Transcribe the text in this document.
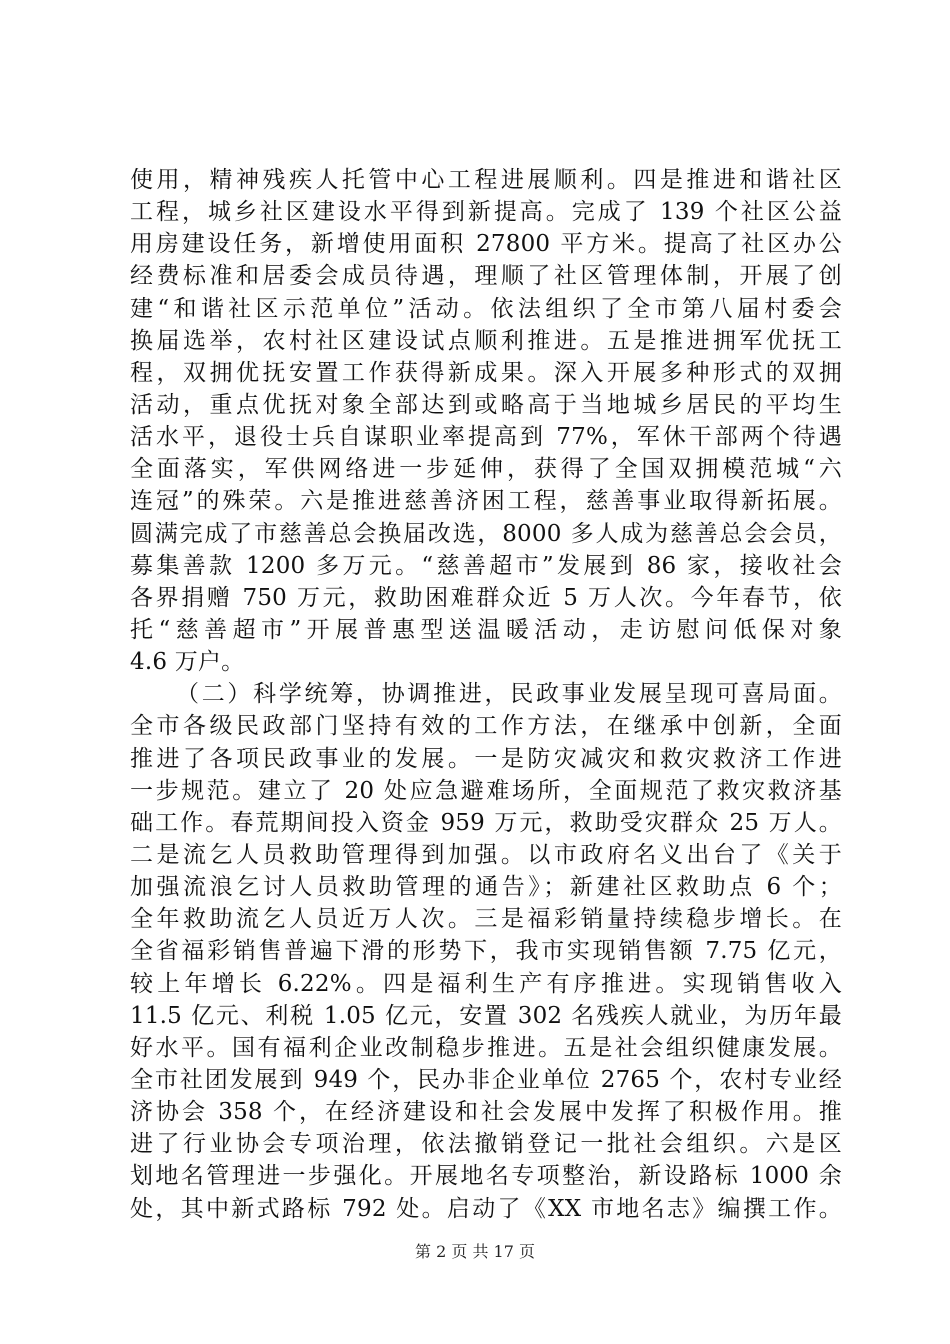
使用，精神残疾人托管中心工程进展顺利。四是推进和谐社区
工程，城乡社区建设水平得到新提高。完成了 139 个社区公益
用房建设任务，新增使用面积 27800 平方米。提高了社区办公
经费标准和居委会成员待遇，理顺了社区管理体制，开展了创
建“和谐社区示范单位”活动。依法组织了全市第八届村委会
换届选举，农村社区建设试点顺利推进。五是推进拥军优抚工
程，双拥优抚安置工作获得新成果。深入开展多种形式的双拥
活动，重点优抚对象全部达到或略高于当地城乡居民的平均生
活水平，退役士兵自谋职业率提高到 77%，军休干部两个待遇
全面落实，军供网络进一步延伸，获得了全国双拥模范城“六
连冠”的殊荣。六是推进慈善济困工程，慈善事业取得新拓展。
圆满完成了市慈善总会换届改选，8000 多人成为慈善总会会员，
募集善款 1200 多万元。“慈善超市”发展到 86 家，接收社会
各界捐赠 750 万元，救助困难群众近 5 万人次。今年春节，依
托“慈善超市”开展普惠型送温暖活动，走访慰问低保对象
4.6 万户。
（二）科学统筹，协调推进，民政事业发展呈现可喜局面。
全市各级民政部门坚持有效的工作方法，在继承中创新，全面
推进了各项民政事业的发展。一是防灾减灾和救灾救济工作进
一步规范。建立了 20 处应急避难场所，全面规范了救灾救济基
础工作。春荒期间投入资金 959 万元，救助受灾群众 25 万人。
二是流乞人员救助管理得到加强。以市政府名义出台了《关于
加强流浪乞讨人员救助管理的通告》；新建社区救助点 6 个；
全年救助流乞人员近万人次。三是福彩销量持续稳步增长。在
全省福彩销售普遍下滑的形势下，我市实现销售额 7.75 亿元，
较上年增长 6.22%。四是福利生产有序推进。实现销售收入
11.5 亿元、利税 1.05 亿元，安置 302 名残疾人就业，为历年最
好水平。国有福利企业改制稳步推进。五是社会组织健康发展。
全市社团发展到 949 个，民办非企业单位 2765 个，农村专业经
济协会 358 个，在经济建设和社会发展中发挥了积极作用。推
进了行业协会专项治理，依法撤销登记一批社会组织。六是区
划地名管理进一步强化。开展地名专项整治，新设路标 1000 余
处，其中新式路标 792 处。启动了《XX 市地名志》编撰工作。
第 2 页 共 17 页
